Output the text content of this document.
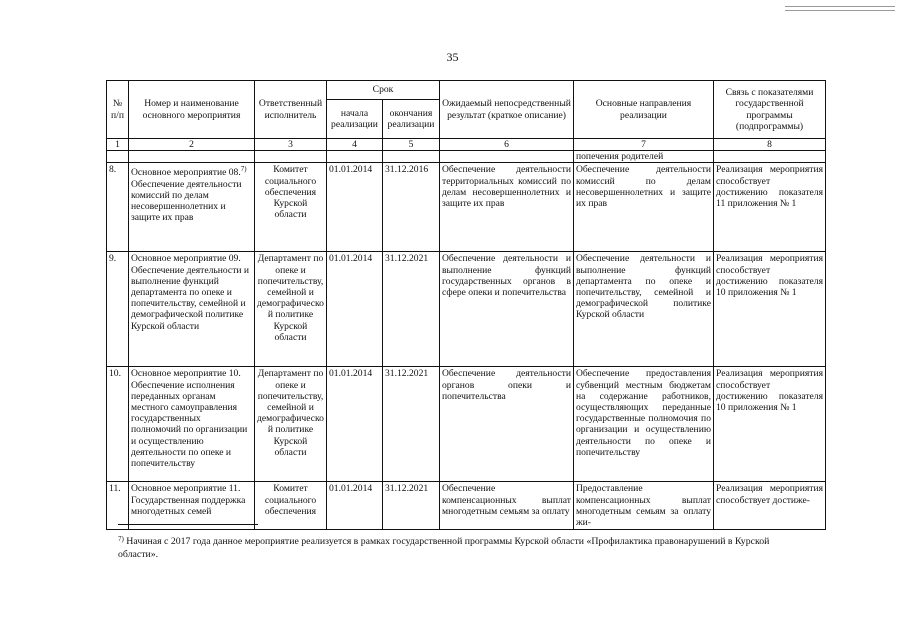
35
№ п/п	Номер и наименование основного мероприятия	Ответственный исполнитель	Срок		Ожидаемый непосредственный результат (краткое описание)	Основные направления реализации	Связь с показателями государственной программы (подпрограммы)
			начала реализации	окончания реализации			
1	2	3	4	5	6	7	8
						попечения родителей	
8.	Основное мероприятие 08.$^{7)}$ Обеспечение деятельности комиссий по делам несовершеннолетних и защите их прав	Комитет социального обеспечения Курской области	01.01.2014	31.12.2016	Обеспечение деятельности территориальных комиссий по делам несовершеннолетних и защите их прав	Обеспечение деятельности комиссий по делам несовершеннолетних и защите их прав	Реализация мероприятия способствует достижению показателя 11 приложения № 1
9.	Основное мероприятие 09. Обеспечение деятельности и выполнение функций департамента по опеке и попечительству, семейной и демографической политике Курской области	Департамент по опеке и попечительству, семейной и демографической политике Курской области	01.01.2014	31.12.2021	Обеспечение деятельности и выполнение функций государственных органов в сфере опеки и попечительства	Обеспечение деятельности и выполнение функций департамента по опеке и попечительству, семейной и демографической политике Курской области	Реализация мероприятия способствует достижению показателя 10 приложения № 1
10.	Основное мероприятие 10. Обеспечение исполнения переданных органам местного самоуправления государственных полномочий по организации и осуществлению деятельности по опеке и попечительству	Департамент по опеке и попечительству, семейной и демографической политике Курской области	01.01.2014	31.12.2021	Обеспечение деятельности органов опеки и попечительства	Обеспечение предоставления субвенций местным бюджетам на содержание работников, осуществляющих переданные государственные полномочия по организации и осуществлению деятельности по опеке и попечительству	Реализация мероприятия способствует достижению показателя 10 приложения № 1
11.	Основное мероприятие 11. Государственная поддержка многодетных семей	Комитет социального обеспечения	01.01.2014	31.12.2021	Обеспечение компенсационных выплат многодетным семьям за оплату	Предоставление компенсационных выплат многодетным семьям за оплату жи-	Реализация мероприятия способствует достиже-
$^{7)}$ Начиная с 2017 года данное мероприятие реализуется в рамках государственной программы Курской области «Профилактика правонарушений в Курской области».
